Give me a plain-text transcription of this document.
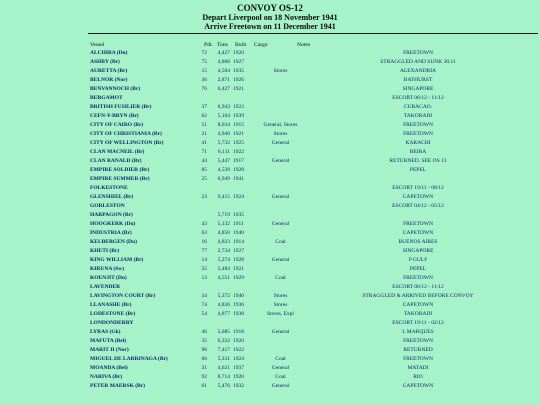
CONVOY OS-12
Depart Liverpool on 18 November 1941
Arrive Freetown on 11 December 1941
Vessel	Pdt. Tons Built Cargo	Notes
ALCHIBA (Du)	72	4,427	1920		FREETOWN
ASHBY (Br)	75	4,868	1927		STRAGGLED AND SUNK 30.11
AURETTA (Br)	15	4,564	1935	Stores	ALEXANDRIA
BELNOR (Nor)	36	2,871	1926		BATHURST
BENVANNOCH (Br)	76	6,427	1921		SINGAPORE
BERGAMOT					ESCORT 06/12 - 11/12
BRITISH FUSILIER (Br)	37	6,943	1923		CURACAO.
CEFN-Y-BRYN (Br)	62	5,164	1939		TAKORADI
CITY OF CAIRO (Br)	51	8,034	1915	General, Stores	FREETOWN
CITY OF CHRISTIANIA (Br)	21	4,940	1921	Stores	FREETOWN
CITY OF WELLINGTON (Br)	41	5,732	1925	General	KARACHI
CLAN MACNEIL (Br)	71	6,111	1922		BEIRA
CLAN RANALD (Br)	44	5,447	1917	General	RETURNED. SEE OS 13
EMPIRE SOLDIER (Br)	85	4,539	1928		PEPEL
EMPIRE SUMMER (Br)	25	6,949	1941		
FOLKESTONE					ESCORT 19/11 - 08/12
GLENSHIEL (Br)	23	9,415	1924	General	CAPETOWN
GORLESTON					ESCORT 04/12 - 05/12
HARPAGON (Br)		5,719	1935		
HOOGKERK (Du)	43	5,132	1911	General	FREETOWN
INDUSTRIA (Br)	63	4,850	1940		CAPETOWN
KELBERGEN (Du)	16	4,823	1914	Coal	BUENOS AIRES
KHETI (Br)	77	2,734	1927		SINGAPORE
KING WILLIAM (Br)	14	5,274	1928	General	P GULF
KIRUNA (Sw)	55	5,484	1921		PEPEL
KOENJIT (Du)	13	4,551	1929	Coal	FREETOWN
LAVENDER					ESCORT 06/12 - 11/12
LAVINGTON COURT (Br)	34	5,372	1940	Stores	STRAGGLED & ARRIVED BEFORE CONVOY
LLANASHE (Br)	74	4,836	1936	Stores	CAPETOWN
LODESTONE (Br)	54	4,877	1938	Stores, Expl	TAKORADI
LONDONDERRY					ESCORT 19/11 - 02/12
LYRAS (Gk)	46	5,685	1918	General	L MARQUES
MAFUTA (Bel)	35	6,322	1920		FREETOWN
MARIT II (Nor)	96	7,417	1922		RETURNED
MIGUEL DE LARRINAGA (Br)	66	5,231	1924	Coal	FREETOWN
MOANDA (Bel)	31	4,621	1937	General	MATADI
NARIVA (Br)	92	8,714	1920	Coal	RIO
PETER MAERSK (Br)	61	5,476	1932	General	CAPETOWN
